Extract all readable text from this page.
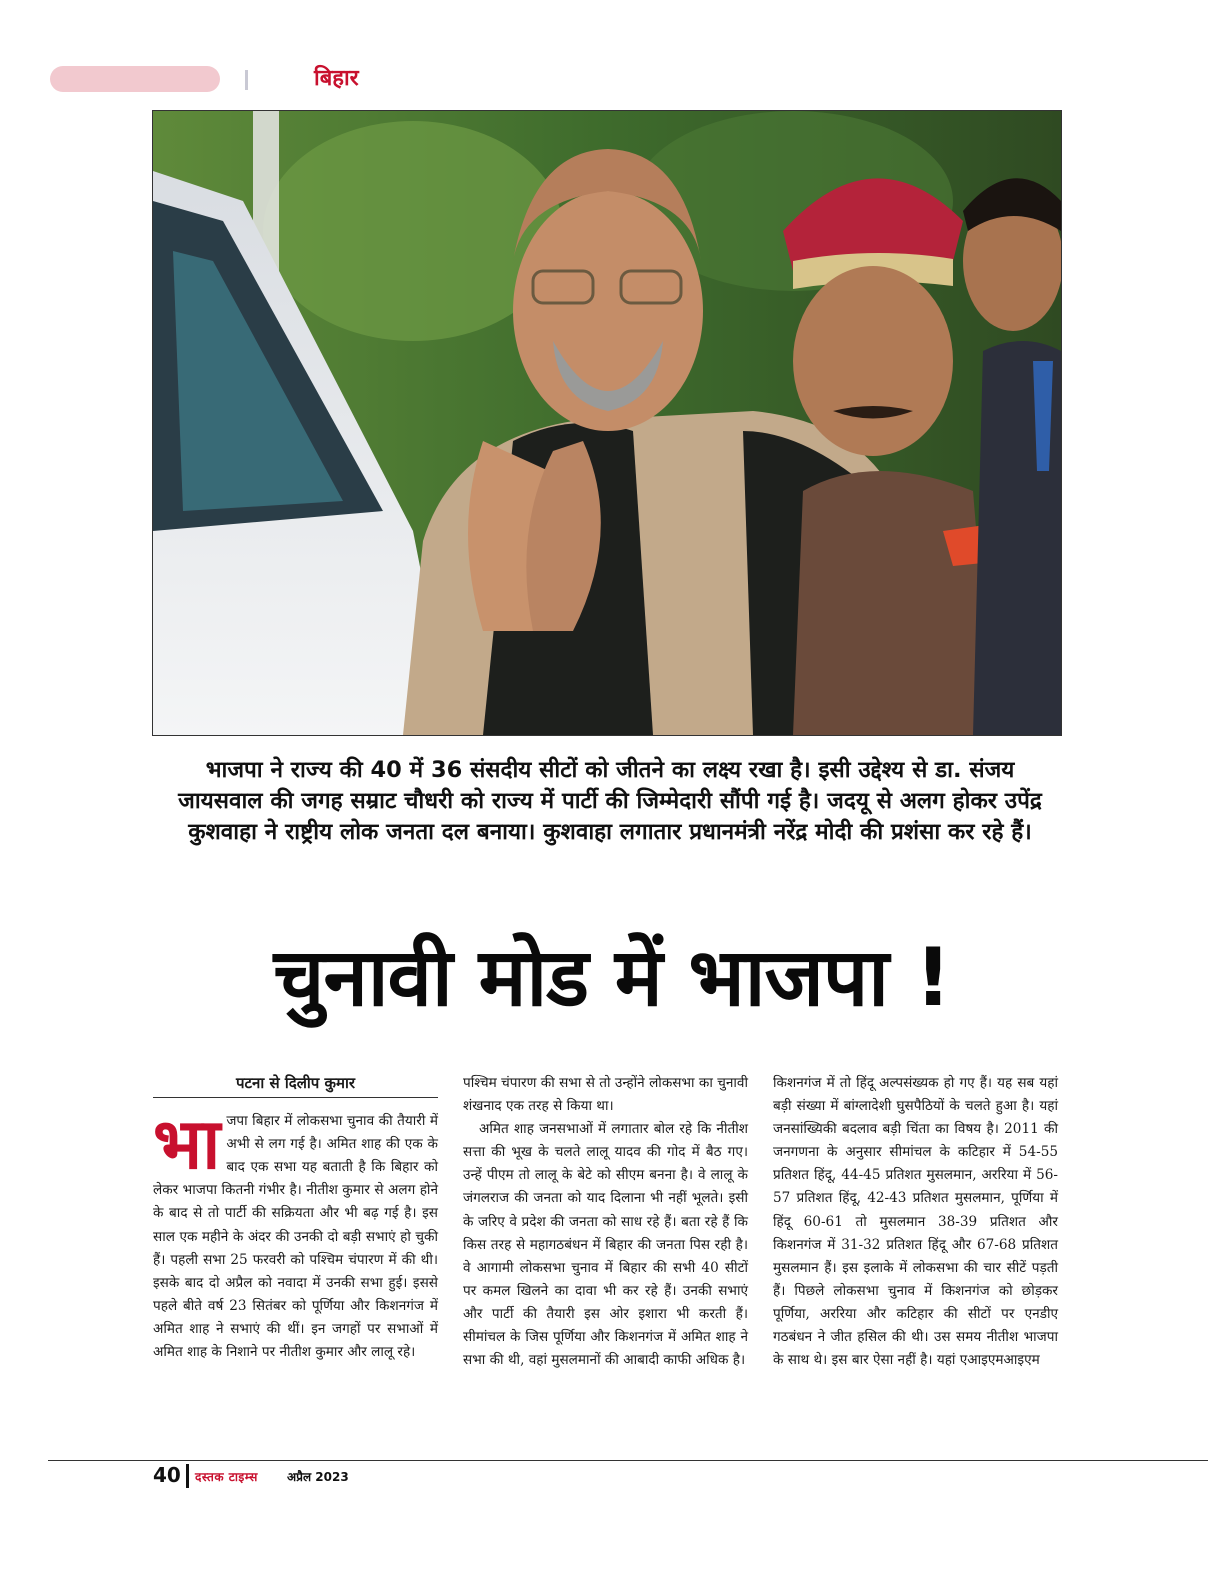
बिहार
भाजपा ने राज्य की 40 में 36 संसदीय सीटों को जीतने का लक्ष्य रखा है। इसी उद्देश्य से डा. संजय जायसवाल की जगह सम्राट चौधरी को राज्य में पार्टी की जिम्मेदारी सौंपी गई है। जदयू से अलग होकर उपेंद्र कुशवाहा ने राष्ट्रीय लोक जनता दल बनाया। कुशवाहा लगातार प्रधानमंत्री नरेंद्र मोदी की प्रशंसा कर रहे हैं।
चुनावी मोड में भाजपा !
पटना से दिलीप कुमार

भाजपा बिहार में लोकसभा चुनाव की तैयारी में अभी से लग गई है। अमित शाह की एक के बाद एक सभा यह बताती है कि बिहार को लेकर भाजपा कितनी गंभीर है। नीतीश कुमार से अलग होने के बाद से तो पार्टी की सक्रियता और भी बढ़ गई है। इस साल एक महीने के अंदर की उनकी दो बड़ी सभाएं हो चुकी हैं। पहली सभा 25 फरवरी को पश्चिम चंपारण में की थी। इसके बाद दो अप्रैल को नवादा में उनकी सभा हुई। इससे पहले बीते वर्ष 23 सितंबर को पूर्णिया और किशनगंज में अमित शाह ने सभाएं की थीं। इन जगहों पर सभाओं में अमित शाह के निशाने पर नीतीश कुमार और लालू रहे।

पश्चिम चंपारण की सभा से तो उन्होंने लोकसभा का चुनावी शंखनाद एक तरह से किया था।

अमित शाह जनसभाओं में लगातार बोल रहे कि नीतीश सत्ता की भूख के चलते लालू यादव की गोद में बैठ गए। उन्हें पीएम तो लालू के बेटे को सीएम बनना है। वे लालू के जंगलराज की जनता को याद दिलाना भी नहीं भूलते। इसी के जरिए वे प्रदेश की जनता को साध रहे हैं। बता रहे हैं कि किस तरह से महागठबंधन में बिहार की जनता पिस रही है। वे आगामी लोकसभा चुनाव में बिहार की सभी 40 सीटों पर कमल खिलने का दावा भी कर रहे हैं। उनकी सभाएं और पार्टी की तैयारी इस ओर इशारा भी करती हैं। सीमांचल के जिस पूर्णिया और किशनगंज में अमित शाह ने सभा की थी, वहां मुसलमानों की आबादी काफी अधिक है।

किशनगंज में तो हिंदू अल्पसंख्यक हो गए हैं। यह सब यहां बड़ी संख्या में बांग्लादेशी घुसपैठियों के चलते हुआ है। यहां जनसांख्यिकी बदलाव बड़ी चिंता का विषय है। 2011 की जनगणना के अनुसार सीमांचल के कटिहार में 54-55 प्रतिशत हिंदू, 44-45 प्रतिशत मुसलमान, अररिया में 56-57 प्रतिशत हिंदू, 42-43 प्रतिशत मुसलमान, पूर्णिया में हिंदू 60-61 तो मुसलमान 38-39 प्रतिशत और किशनगंज में 31-32 प्रतिशत हिंदू और 67-68 प्रतिशत मुसलमान हैं। इस इलाके में लोकसभा की चार सीटें पड़ती हैं। पिछले लोकसभा चुनाव में किशनगंज को छोड़कर पूर्णिया, अररिया और कटिहार की सीटों पर एनडीए गठबंधन ने जीत हसिल की थी। उस समय नीतीश भाजपा के साथ थे। इस बार ऐसा नहीं है। यहां एआइएमआइएम

40 दस्तक टाइम्स अप्रैल 2023
